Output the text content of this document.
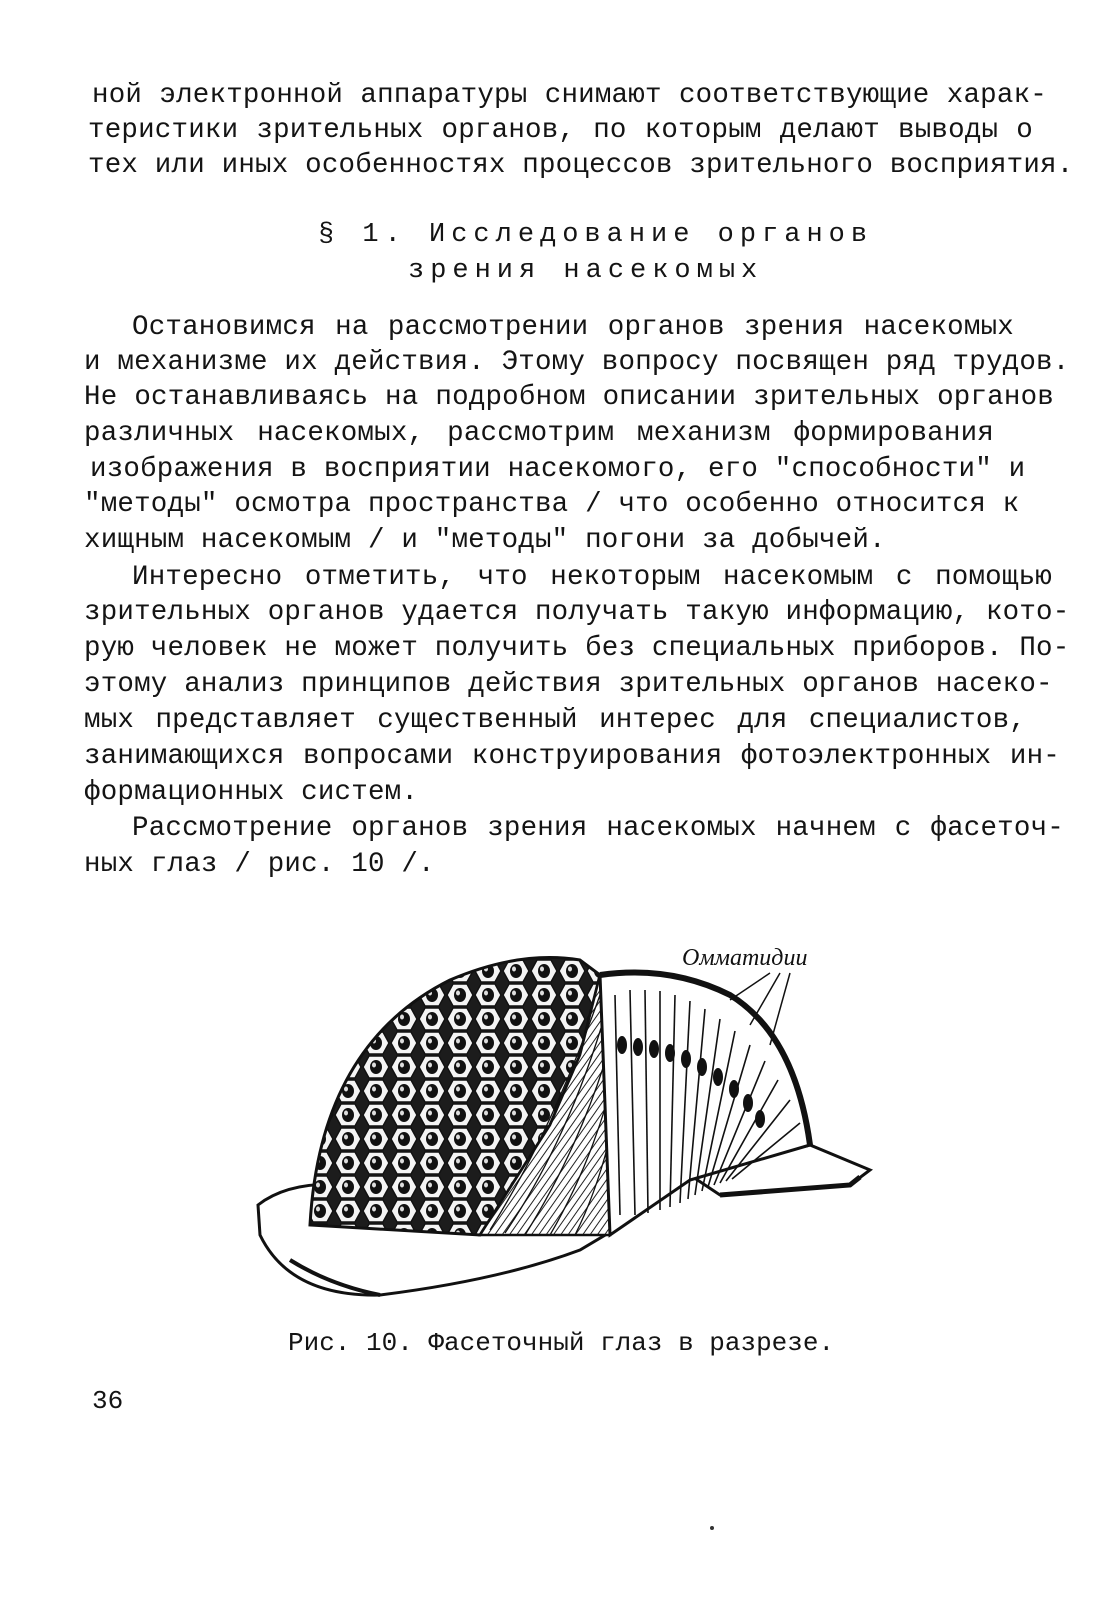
ной электронной аппаратуры снимают соответствующие харак-
теристики зрительных органов, по которым делают выводы о
тех или иных особенностях процессов зрительного восприятия.
§ 1. Исследование органов
зрения насекомых
Остановимся на рассмотрении органов зрения насекомых
и механизме их действия. Этому вопросу посвящен ряд трудов.
Не останавливаясь на подробном описании зрительных органов
различных насекомых, рассмотрим механизм формирования
изображения в восприятии насекомого, его "способности" и
"методы" осмотра пространства / что особенно относится к
хищным насекомым / и "методы" погони за добычей.
Интересно отметить, что некоторым насекомым с помощью
зрительных органов удается получать такую информацию, кото-
рую человек не может получить без специальных приборов. По-
этому анализ принципов действия зрительных органов насеко-
мых представляет существенный интерес для специалистов,
занимающихся вопросами конструирования фотоэлектронных ин-
формационных систем.
Рассмотрение органов зрения насекомых начнем с фaсеточ-
ных глаз / рис. 10 /.
Омматидии
Рис. 10. Фасеточный глаз в разрезе.
36
